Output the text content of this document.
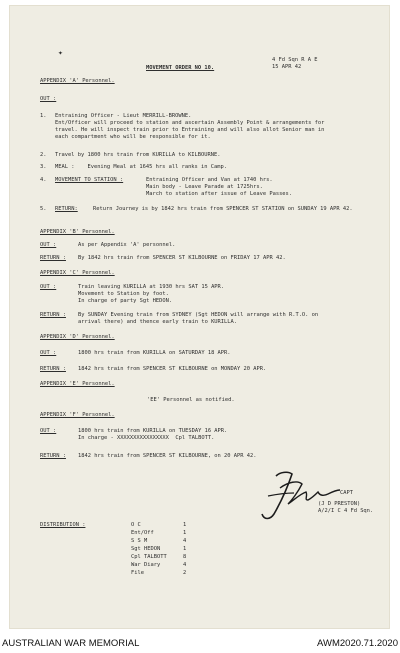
✦
4 Fd Sqn R A E
15 APR 42
MOVEMENT ORDER NO 10.
APPENDIX 'A' Personnel.
OUT :
1. Entraining Officer - Lieut MERRILL-BROWNE.
Ent/Officer will proceed to station and ascertain Assembly Point & arrangements for
travel. He will inspect train prior to Entraining and will also allot Senior man in
each compartment who will be responsible for it.
2. Travel by 1800 hrs train from KURILLA to KILBOURNE.
3. MEAL :    Evening Meal at 1645 hrs all ranks in Camp.
4. MOVEMENT TO STATION :	Entraining Officer and Van at 1740 hrs.
Main body - Leave Parade at 1725hrs.
March to station after issue of Leave Passes.
5. RETURN:	Return Journey is by 1842 hrs train from SPENCER ST STATION on SUNDAY 19 APR 42.
APPENDIX 'B' Personnel.
OUT :	As per Appendix 'A' personnel.
RETURN : By 1842 hrs train from SPENCER ST KILBOURNE on FRIDAY 17 APR 42.
APPENDIX 'C' Personnel.
OUT :	Train leaving KURILLA at 1930 hrs SAT 15 APR.
Movement to Station by foot.
In charge of party Sgt HEDON.
RETURN : By SUNDAY Evening train from SYDNEY (Sgt HEDON will arrange with R.T.O. on
arrival there) and thence early train to KURILLA.
APPENDIX 'D' Personnel.
OUT :	1800 hrs train from KURILLA on SATURDAY 18 APR.
RETURN : 1842 hrs train from SPENCER ST KILBOURNE on MONDAY 20 APR.
APPENDIX 'E' Personnel.
'EE' Personnel as notified.
APPENDIX 'F' Personnel.
OUT :	1800 hrs train from KURILLA on TUESDAY 16 APR.
In charge - XXXXXXXXXXXXXXXX  Cpl TALBOTT.
RETURN : 1842 hrs train from SPENCER ST KILBOURNE, on 20 APR 42.
CAPT
(J D PRESTON)
A/2/I C 4 Fd Sqn.
DISTRIBUTION :	O C	1
Ent/Off	1
S S M	4
Sgt HEDON	1
Cpl TALBOTT	8
War Diary	4
File	2
AUSTRALIAN WAR MEMORIAL	AWM2020.71.2020
